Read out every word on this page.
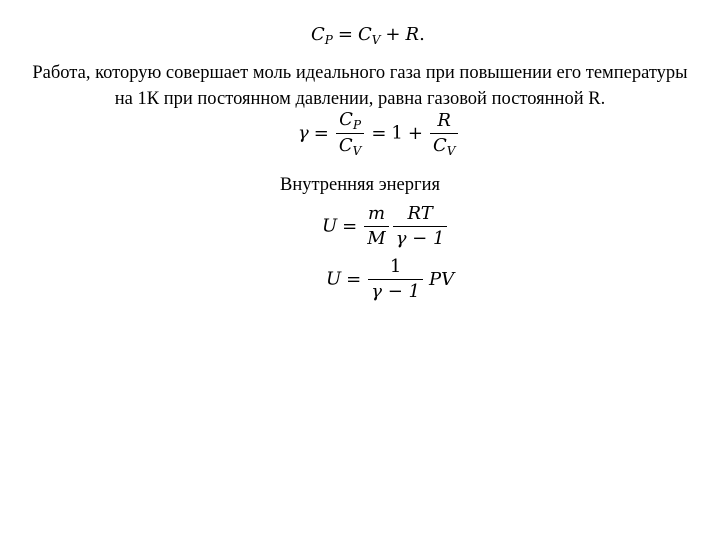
$C_P = C_V + R$.
Работа, которую совершает моль идеального газа при повышении его температуры на 1К при постоянном давлении, равна газовой постоянной R.
$\gamma = \frac{C_P}{C_V} = 1 + \frac{R}{C_V}$
Внутренняя энергия
$U = \frac{m}{M} \frac{RT}{\gamma - 1}$
$U = \frac{1}{\gamma - 1}$ PV
